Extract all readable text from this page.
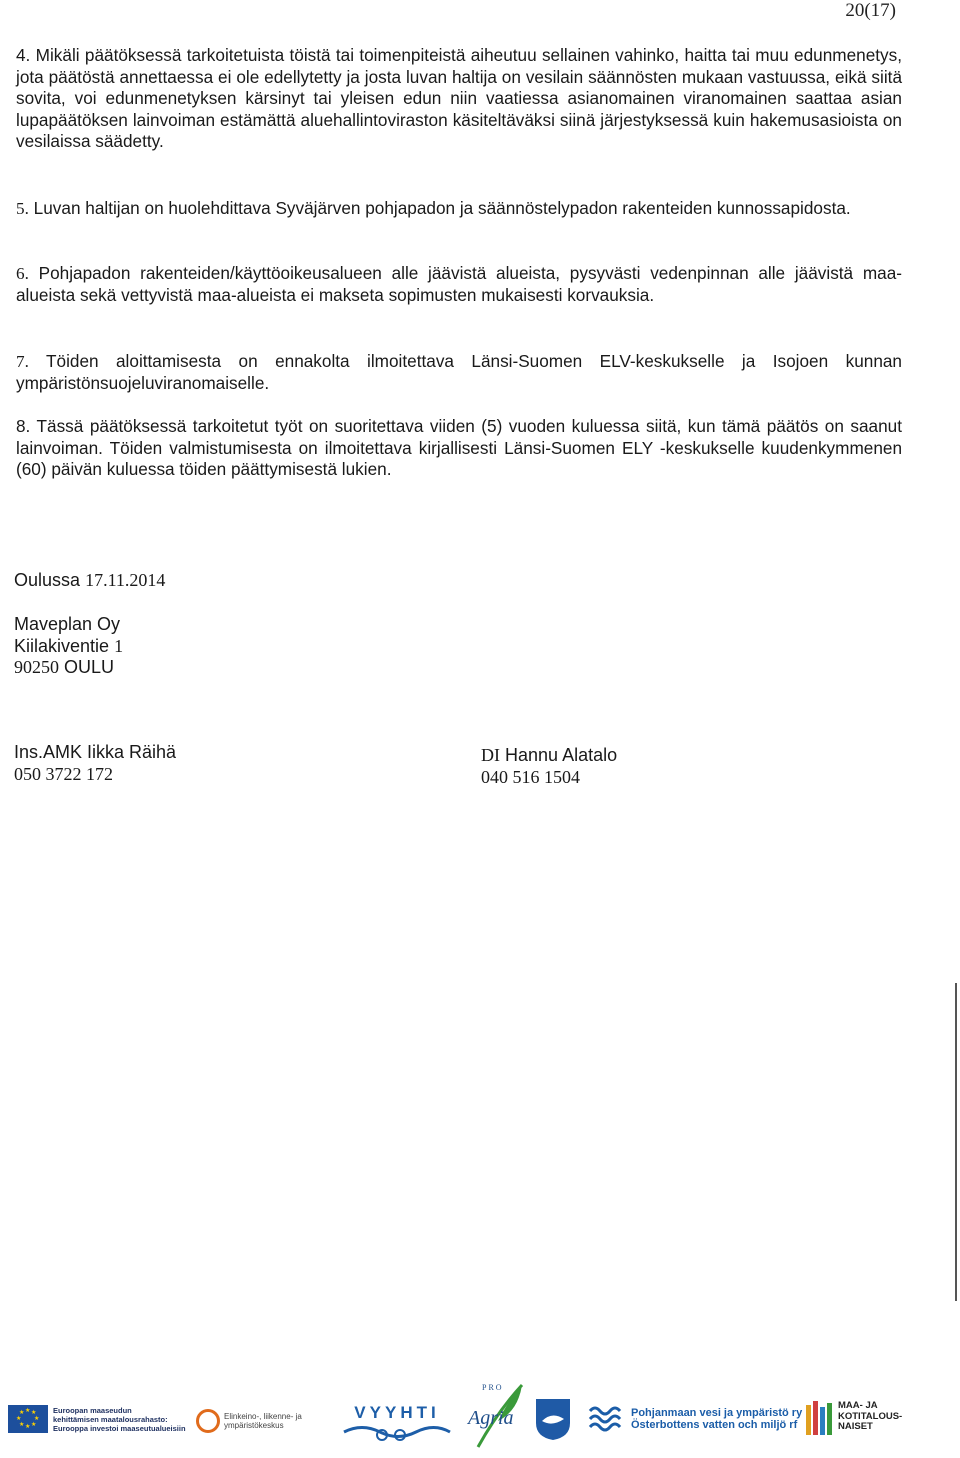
20(17)
4. Mikäli päätöksessä tarkoitetuista töistä tai toimenpiteistä aiheutuu sellainen vahinko, haitta tai muu edunmenetys, jota päätöstä annettaessa ei ole edellytetty ja josta luvan haltija on vesilain säännösten mukaan vastuussa, eikä siitä sovita, voi edunmenetyksen kärsinyt tai yleisen edun niin vaatiessa asianomainen viranomainen saattaa asian lupapäätöksen lainvoiman estämättä aluehallintoviraston käsiteltäväksi siinä järjestyksessä kuin hakemusasioista on vesilaissa säädetty.
5. Luvan haltijan on huolehdittava Syväjärven pohjapadon ja säännöstelypadon rakenteiden kunnossapidosta.
6. Pohjapadon rakenteiden/käyttöoikeusalueen alle jäävistä alueista, pysyvästi vedenpinnan alle jäävistä maa-alueista sekä vettyvistä maa-alueista ei makseta sopimusten mukaisesti korvauksia.
7. Töiden aloittamisesta on ennakolta ilmoitettava Länsi-Suomen ELV-keskukselle ja Isojoen kunnan ympäristönsuojeluviranomaiselle.
8. Tässä päätöksessä tarkoitetut työt on suoritettava viiden (5) vuoden kuluessa siitä, kun tämä päätös on saanut lainvoiman. Töiden valmistumisesta on ilmoitettava kirjallisesti Länsi-Suomen ELY -keskukselle kuudenkymmenen (60) päivän kuluessa töiden päättymisestä lukien.
Oulussa 17.11.2014
Maveplan Oy
Kiilakiventie 1
90250 OULU
Ins.AMK Iikka Räihä
050 3722 172
DI Hannu Alatalo
040 516 1504
★ ★
★
★
★
★
★
★	Euroopan maaseudun
kehittämisen maatalousrahasto:
Eurooppa investoi maaseutualueisiin
Elinkeino-, liikenne- ja
ympäristökeskus
VYYHTI
PRO
Agria	Pohjanmaan vesi ja ympäristö ry
Österbottens vatten och miljö rf
MAA- JA
KOTITALOUS-
NAISET
